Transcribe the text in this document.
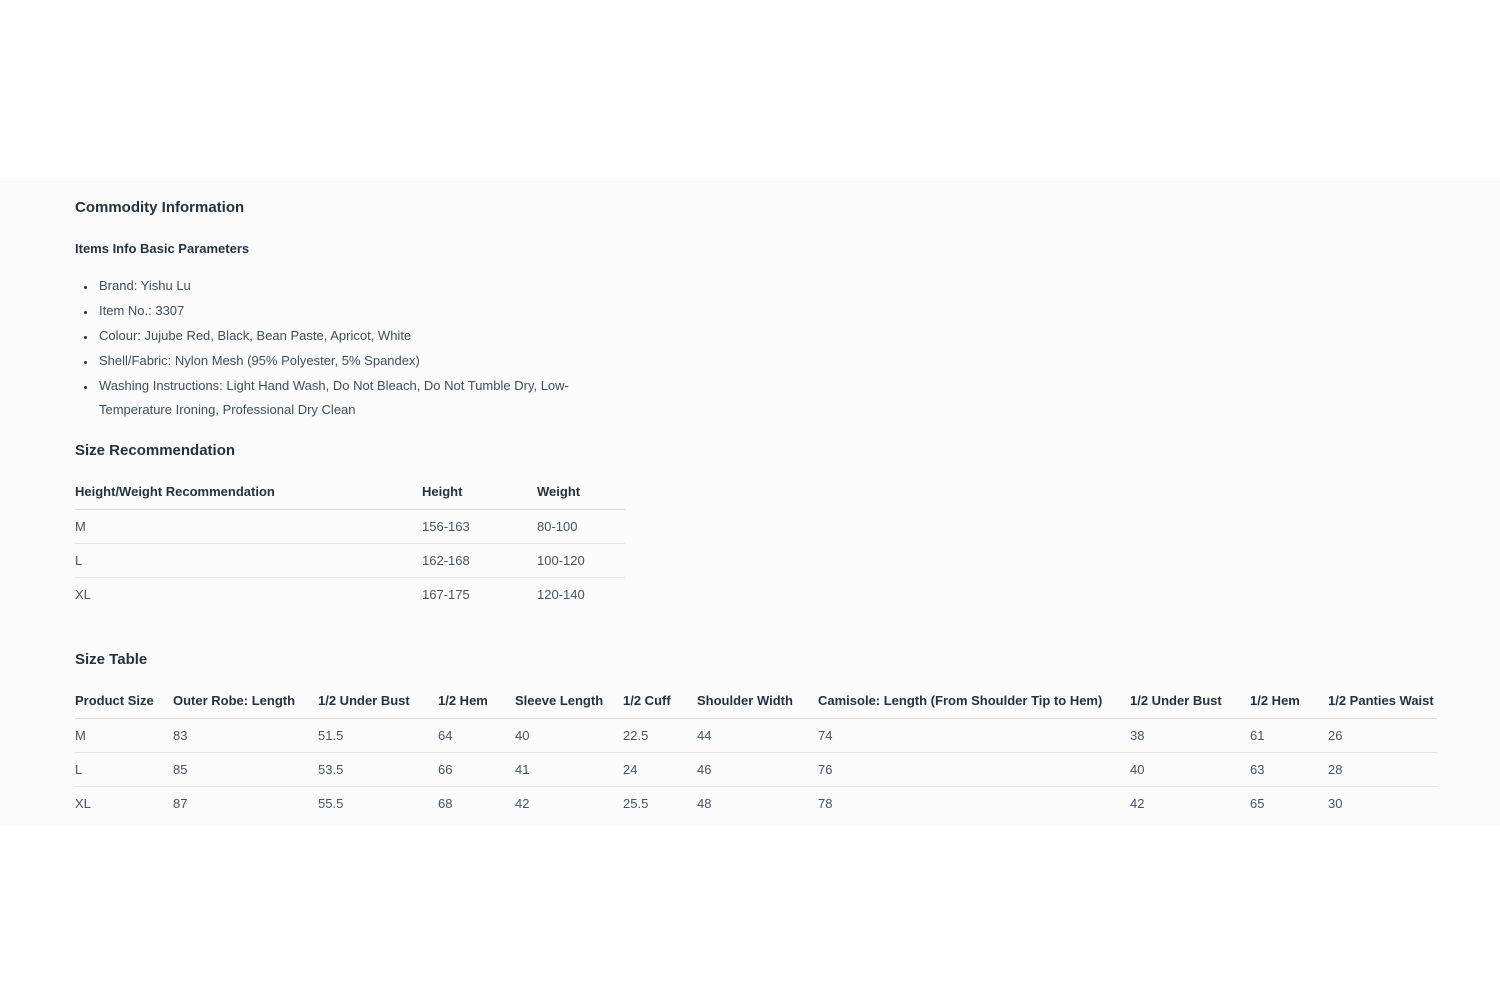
Commodity Information
Items Info Basic Parameters
• Brand: Yishu Lu
• Item No.: 3307
• Colour: Jujube Red, Black, Bean Paste, Apricot, White
• Shell/Fabric: Nylon Mesh (95% Polyester, 5% Spandex)
• Washing Instructions: Light Hand Wash, Do Not Bleach, Do Not Tumble Dry, Low-Temperature Ironing, Professional Dry Clean
Size Recommendation
Height/Weight Recommendation	Height	Weight
M	156-163	80-100
L	162-168	100-120
XL	167-175	120-140
Size Table
Product Size	Outer Robe: Length	1/2 Under Bust	1/2 Hem	Sleeve Length	1/2 Cuff	Shoulder Width	Camisole: Length (From Shoulder Tip to Hem)	1/2 Under Bust	1/2 Hem	1/2 Panties Waist
M	83	51.5	64	40	22.5	44	74	38	61	26
L	85	53.5	66	41	24	46	76	40	63	28
XL	87	55.5	68	42	25.5	48	78	42	65	30
